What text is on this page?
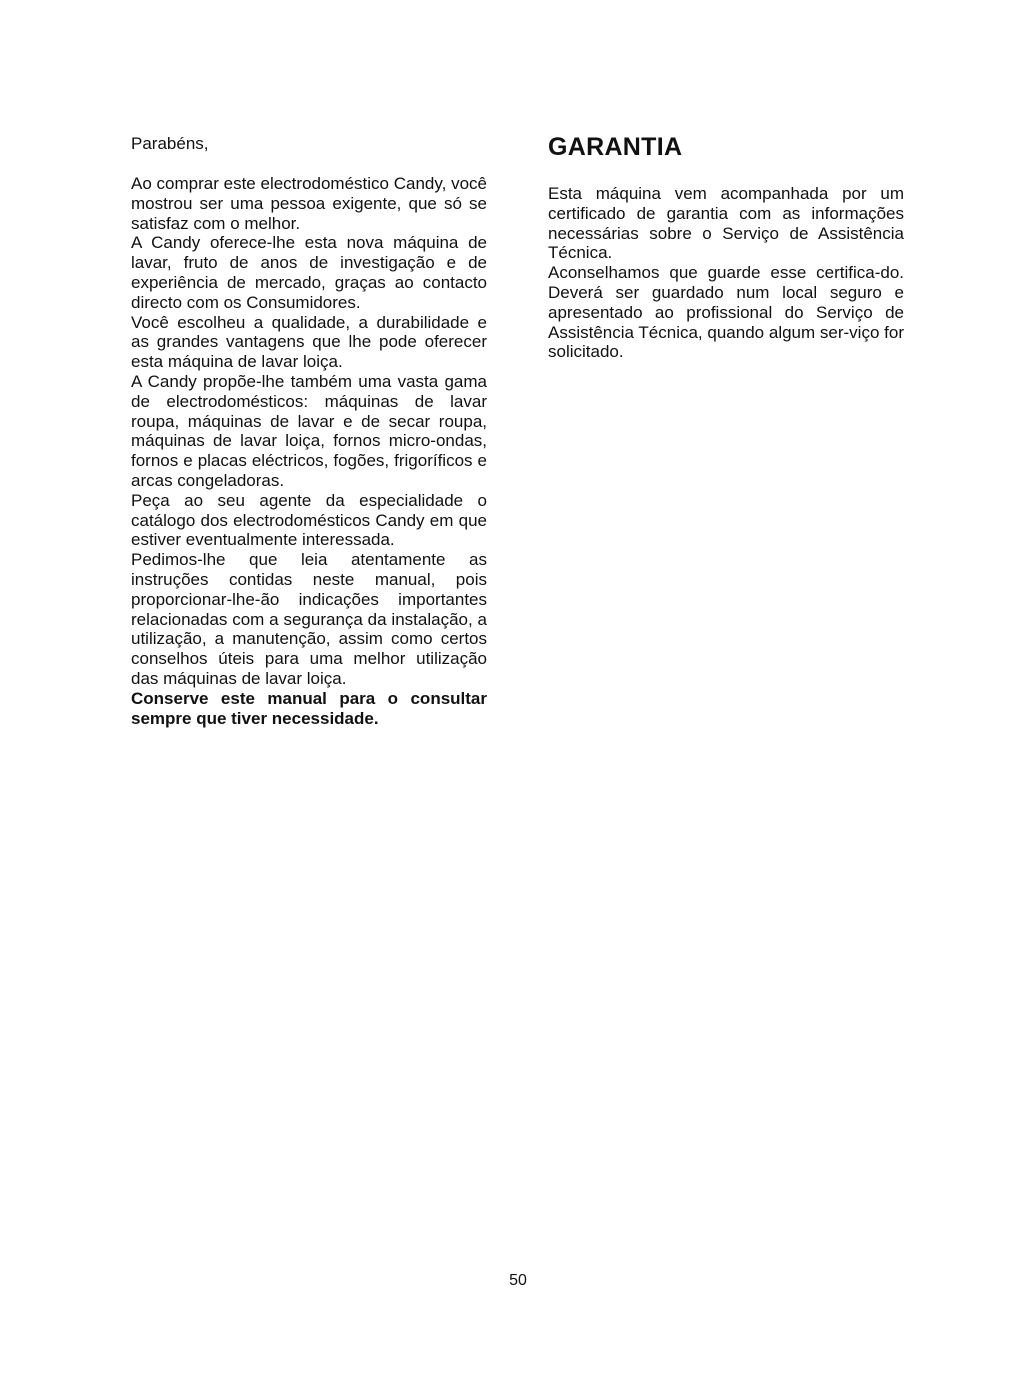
Parabéns,

Ao comprar este electrodoméstico Candy, você mostrou ser uma pessoa exigente, que só se satisfaz com o melhor.

A Candy oferece-lhe esta nova máquina de lavar, fruto de anos de investigação e de experiência de mercado, graças ao contacto directo com os Consumidores.

Você escolheu a qualidade, a durabilidade e as grandes vantagens que lhe pode oferecer esta máquina de lavar loiça.

A Candy propõe-lhe também uma vasta gama de electrodomésticos: máquinas de lavar roupa, máquinas de lavar e de secar roupa, máquinas de lavar loiça, fornos micro-ondas, fornos e placas eléctricos, fogões, frigoríficos e arcas congeladoras.

Peça ao seu agente da especialidade o catálogo dos electrodomésticos Candy em que estiver eventualmente interessada.

Pedimos-lhe que leia atentamente as instruções contidas neste manual, pois proporcionar-lhe-ão indicações importantes relacionadas com a segurança da instalação, a utilização, a manutenção, assim como certos conselhos úteis para uma melhor utilização das máquinas de lavar loiça.

Conserve este manual para o consultar sempre que tiver necessidade.

GARANTIA

Esta máquina vem acompanhada por um certificado de garantia com as informações necessárias sobre o Serviço de Assistência Técnica.

Aconselhamos que guarde esse certifica-do. Deverá ser guardado num local seguro e apresentado ao profissional do Serviço de Assistência Técnica, quando algum ser-viço for solicitado.

50
